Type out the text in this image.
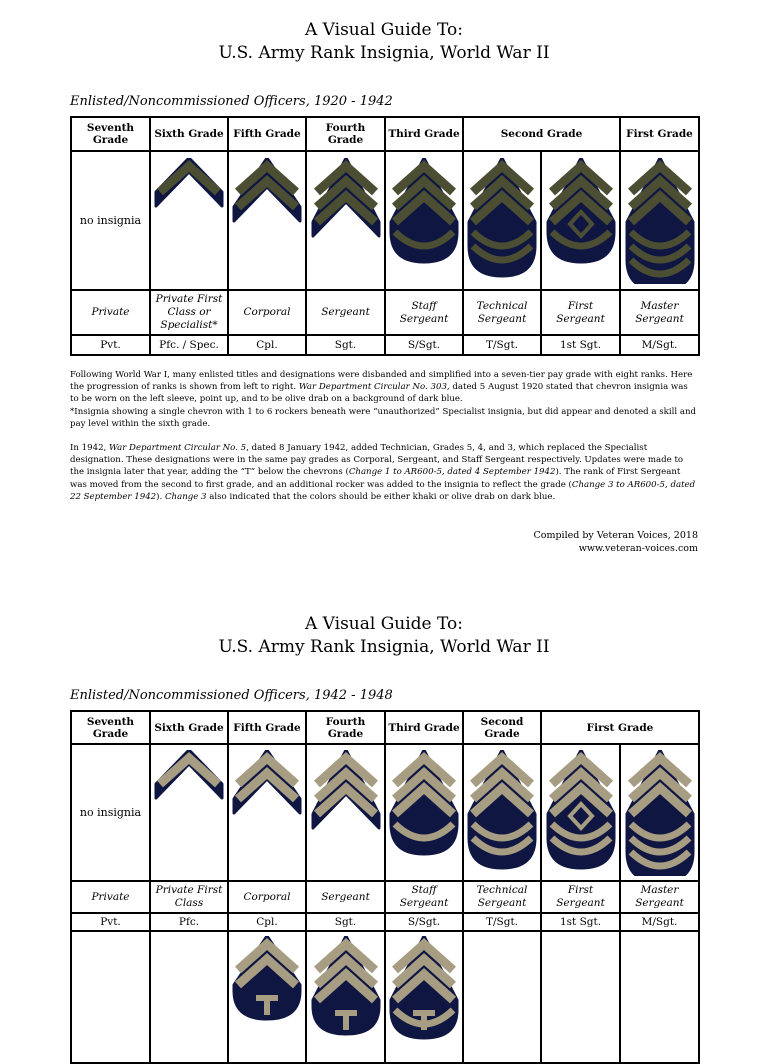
A Visual Guide To:
U.S. Army Rank Insignia, World War II
Enlisted/Noncommissioned Officers, 1920 - 1942
Seventh Grade	Sixth Grade	Fifth Grade	Fourth Grade	Third Grade	Second Grade		First Grade
no insignia	

Private	Private First Class or Specialist*	Corporal	Sergeant	Staff Sergeant	Technical Sergeant	First Sergeant	Master Sergeant
Pvt.	Pfc. / Spec.	Cpl.	Sgt.	S/Sgt.	T/Sgt.	1st Sgt.	M/Sgt.

Following World War I, many enlisted titles and designations were disbanded and simplified into a seven-tier pay grade with eight ranks. Here the progression of ranks is shown from left to right. War Department Circular No. 303, dated 5 August 1920 stated that chevron insignia was to be worn on the left sleeve, point up, and to be olive drab on a background of dark blue.

*Insignia showing a single chevron with 1 to 6 rockers beneath were “unauthorized” Specialist insignia, but did appear and denoted a skill and pay level within the sixth grade.

In 1942, War Department Circular No. 5, dated 8 January 1942, added Technician, Grades 5, 4, and 3, which replaced the Specialist designation. These designations were in the same pay grades as Corporal, Sergeant, and Staff Sergeant respectively. Updates were made to the insignia later that year, adding the “T” below the chevrons (Change 1 to AR600-5, dated 4 September 1942). The rank of First Sergeant was moved from the second to first grade, and an additional rocker was added to the insignia to reflect the grade (Change 3 to AR600-5, dated 22 September 1942). Change 3 also indicated that the colors should be either khaki or olive drab on dark blue.

Compiled by Veteran Voices, 2018
www.veteran-voices.com
A Visual Guide To:
U.S. Army Rank Insignia, World War II
Enlisted/Noncommissioned Officers, 1942 - 1948
Seventh Grade	Sixth Grade	Fifth Grade	Fourth Grade	Third Grade	Second Grade	First Grade	
no insignia	

Private	Private First Class	Corporal	Sergeant	Staff Sergeant	Technical Sergeant	First Sergeant	Master Sergeant
Pvt.	Pfc.	Cpl.	Sgt.	S/Sgt.	T/Sgt.	1st Sgt.	M/Sgt.
